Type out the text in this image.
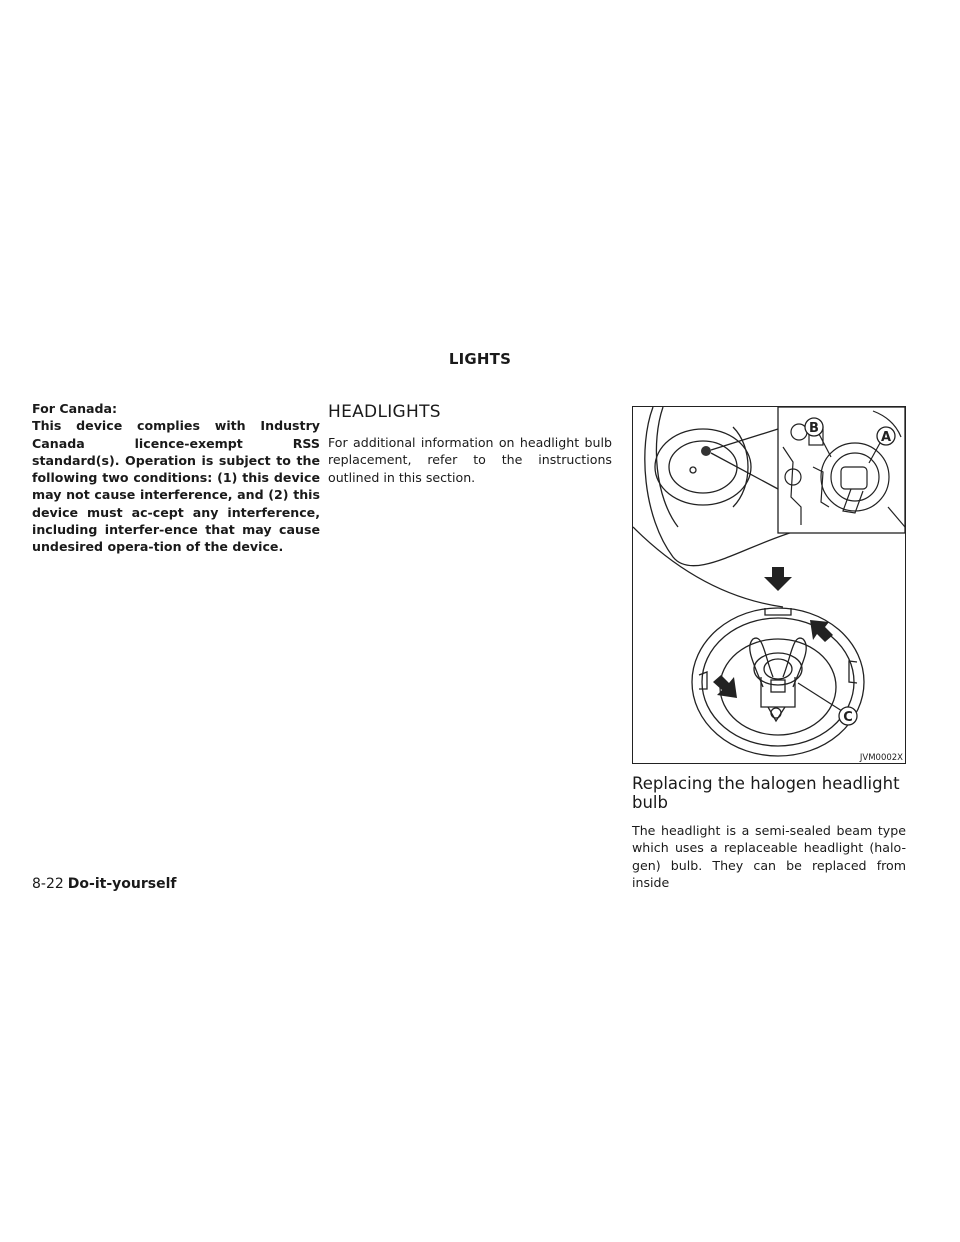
LIGHTS

For Canada:

This device complies with Industry Canada licence-exempt RSS standard(s). Operation is subject to the following two conditions: (1) this device may not cause interference, and (2) this device must ac-cept any interference, including interfer-ence that may cause undesired opera-tion of the device.

HEADLIGHTS

For additional information on headlight bulb replacement, refer to the instructions outlined in this section.

B
A
C
JVM0002X
Replacing the halogen headlight bulb

The headlight is a semi-sealed beam type which uses a replaceable headlight (halo-gen) bulb. They can be replaced from inside

8-22 Do-it-yourself
